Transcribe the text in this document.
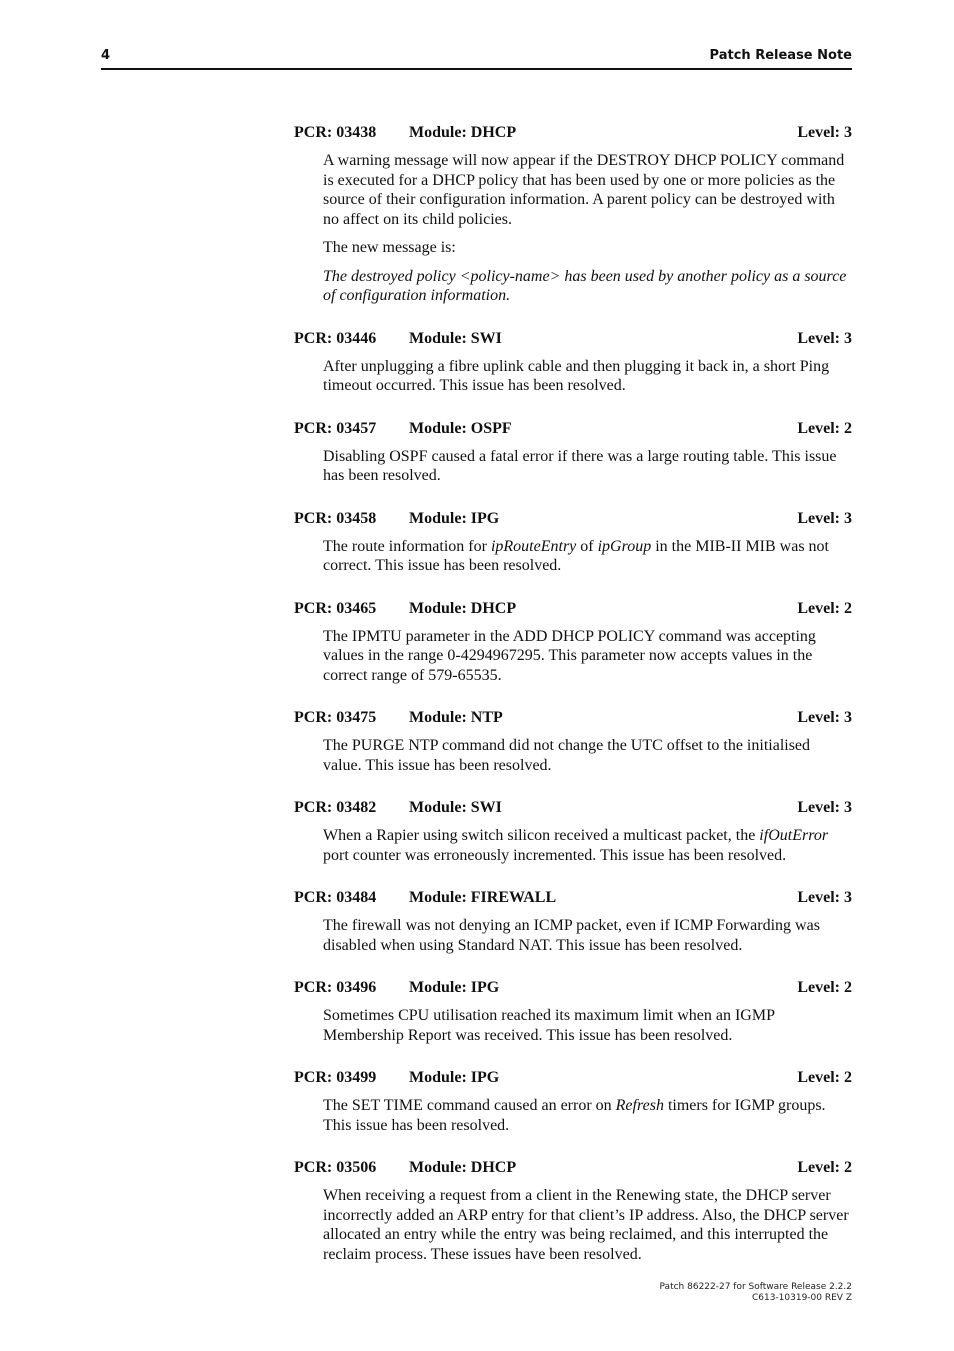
4	Patch Release Note
PCR: 03438 Module: DHCP	Level: 3

A warning message will now appear if the DESTROY DHCP POLICY command is executed for a DHCP policy that has been used by one or more policies as the source of their configuration information. A parent policy can be destroyed with no affect on its child policies.

The new message is:

The destroyed policy <policy-name> has been used by another policy as a source of configuration information.

PCR: 03446 Module: SWI	Level: 3

After unplugging a fibre uplink cable and then plugging it back in, a short Ping timeout occurred. This issue has been resolved.

PCR: 03457 Module: OSPF	Level: 2

Disabling OSPF caused a fatal error if there was a large routing table. This issue has been resolved.

PCR: 03458 Module: IPG	Level: 3

The route information for ipRouteEntry of ipGroup in the MIB-II MIB was not correct. This issue has been resolved.

PCR: 03465 Module: DHCP	Level: 2

The IPMTU parameter in the ADD DHCP POLICY command was accepting values in the range 0-4294967295. This parameter now accepts values in the correct range of 579-65535.

PCR: 03475 Module: NTP	Level: 3

The PURGE NTP command did not change the UTC offset to the initialised value. This issue has been resolved.

PCR: 03482 Module: SWI	Level: 3

When a Rapier using switch silicon received a multicast packet, the ifOutError port counter was erroneously incremented. This issue has been resolved.

PCR: 03484 Module: FIREWALL	Level: 3

The firewall was not denying an ICMP packet, even if ICMP Forwarding was disabled when using Standard NAT. This issue has been resolved.

PCR: 03496 Module: IPG	Level: 2

Sometimes CPU utilisation reached its maximum limit when an IGMP Membership Report was received. This issue has been resolved.

PCR: 03499 Module: IPG	Level: 2

The SET TIME command caused an error on Refresh timers for IGMP groups. This issue has been resolved.

PCR: 03506 Module: DHCP	Level: 2

When receiving a request from a client in the Renewing state, the DHCP server incorrectly added an ARP entry for that client’s IP address. Also, the DHCP server allocated an entry while the entry was being reclaimed, and this interrupted the reclaim process. These issues have been resolved.

Patch 86222-27 for Software Release 2.2.2
C613-10319-00 REV Z
